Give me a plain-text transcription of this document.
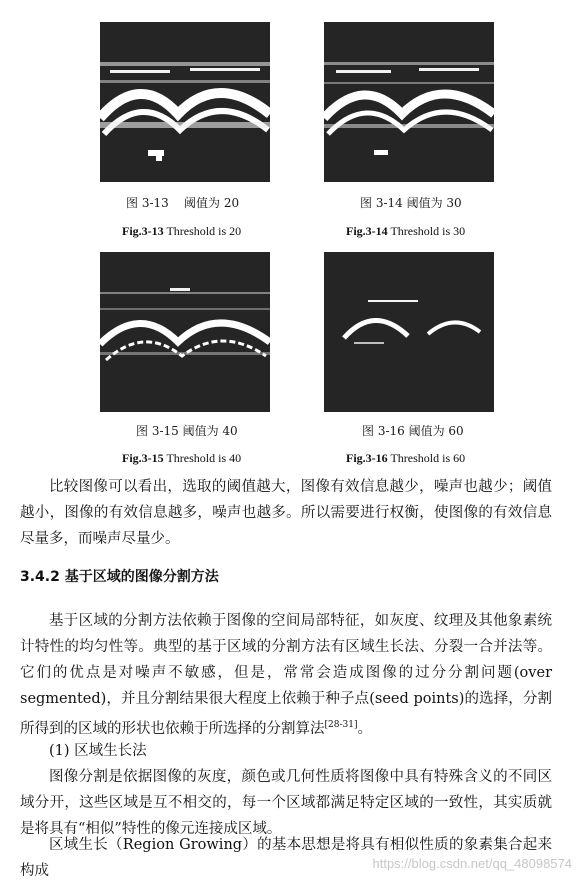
图 3-13 阈值为 20	图 3-14 阈值为 30
Fig.3-13 Threshold is 20	Fig.3-14 Threshold is 30
图 3-15 阈值为 40	图 3-16 阈值为 60
Fig.3-15 Threshold is 40	Fig.3-16 Threshold is 60

比较图像可以看出，选取的阈值越大，图像有效信息越少，噪声也越少；阈值越小，图像的有效信息越多，噪声也越多。所以需要进行权衡，使图像的有效信息尽量多，而噪声尽量少。

3.4.2 基于区域的图像分割方法

基于区域的分割方法依赖于图像的空间局部特征，如灰度、纹理及其他象素统计特性的均匀性等。典型的基于区域的分割方法有区域生长法、分裂一合并法等。它们的优点是对噪声不敏感，但是，常常会造成图像的过分分割问题(over segmented)，并且分割结果很大程度上依赖于种子点(seed points)的选择，分割所得到的区域的形状也依赖于所选择的分割算法[28-31]。

(1) 区域生长法

图像分割是依据图像的灰度，颜色或几何性质将图像中具有特殊含义的不同区域分开，这些区域是互不相交的，每一个区域都满足特定区域的一致性，其实质就是将具有“相似”特性的像元连接成区域。

区域生长（Region Growing）的基本思想是将具有相似性质的象素集合起来构成	https://blog.csdn.net/qq_48098574
